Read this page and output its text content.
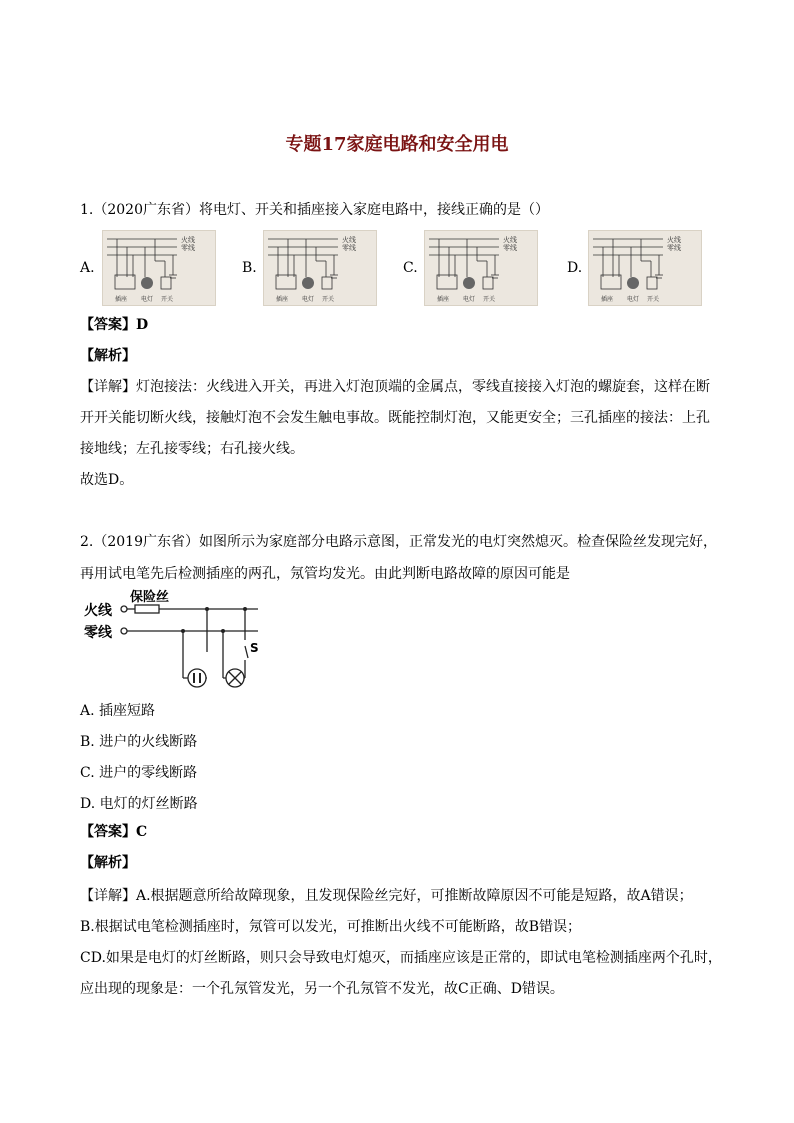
专题17家庭电路和安全用电
1.（2020广东省）将电灯、开关和插座接入家庭电路中，接线正确的是（）
A.
火线
零线
插座 电灯 开关
B.
火线
零线
插座 电灯 开关
C.
火线
零线
插座 电灯 开关
D.
火线
零线
插座 电灯 开关
【答案】D
【解析】
【详解】灯泡接法：火线进入开关，再进入灯泡顶端的金属点，零线直接接入灯泡的螺旋套，这样在断
开开关能切断火线，接触灯泡不会发生触电事故。既能控制灯泡，又能更安全；三孔插座的接法：上孔
接地线；左孔接零线；右孔接火线。
故选D。
2.（2019广东省）如图所示为家庭部分电路示意图，正常发光的电灯突然熄灭。检查保险丝发现完好，
再用试电笔先后检测插座的两孔，氖管均发光。由此判断电路故障的原因可能是
火线
零线
保险丝
S
A. 插座短路
B. 进户的火线断路
C. 进户的零线断路
D. 电灯的灯丝断路
【答案】C
【解析】
【详解】A.根据题意所给故障现象，且发现保险丝完好，可推断故障原因不可能是短路，故A错误；
B.根据试电笔检测插座时，氖管可以发光，可推断出火线不可能断路，故B错误；
CD.如果是电灯的灯丝断路，则只会导致电灯熄灭，而插座应该是正常的，即试电笔检测插座两个孔时，
应出现的现象是：一个孔氖管发光，另一个孔氖管不发光，故C正确、D错误。
